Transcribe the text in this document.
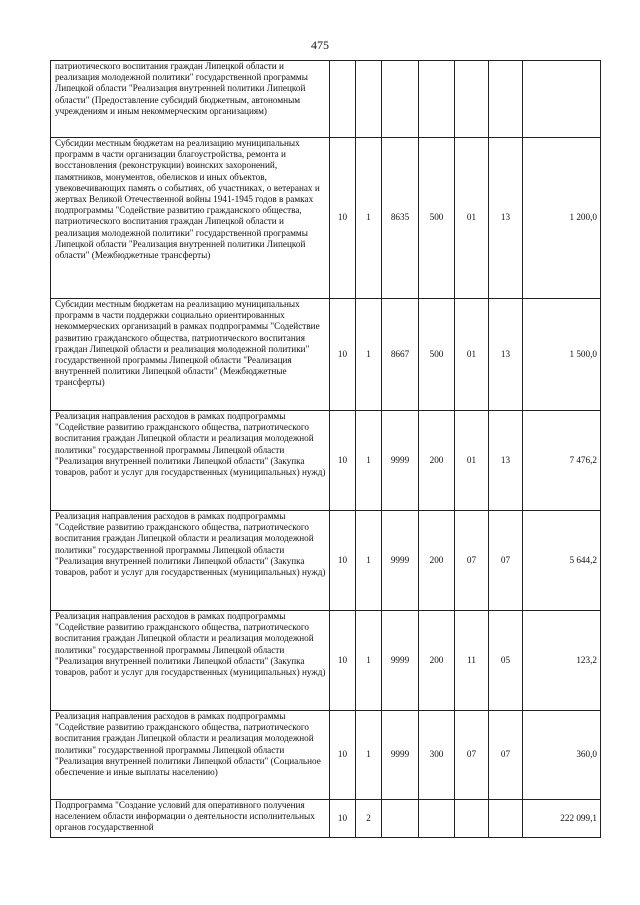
475
патриотического воспитания граждан Липецкой области и реализация молодежной политики" государственной программы Липецкой области "Реализация внутренней политики Липецкой области" (Предоставление субсидий бюджетным, автономным учреждениям и иным некоммерческим организациям)							
Субсидии местным бюджетам на реализацию муниципальных программ в части организации благоустройства, ремонта и восстановления (реконструкции) воинских захоронений, памятников, монументов, обелисков и иных объектов, увековечивающих память о событиях, об участниках, о ветеранах и жертвах Великой Отечественной войны 1941-1945 годов в рамках подпрограммы "Содействие развитию гражданского общества, патриотического воспитания граждан Липецкой области и реализация молодежной политики" государственной программы Липецкой области "Реализация внутренней политики Липецкой области" (Межбюджетные трансферты)	10	1	8635	500	01	13	1 200,0
Субсидии местным бюджетам на реализацию муниципальных программ в части поддержки социально ориентированных некоммерческих организаций в рамках подпрограммы "Содействие развитию гражданского общества, патриотического воспитания граждан Липецкой области и реализация молодежной политики" государственной программы Липецкой области "Реализация внутренней политики Липецкой области" (Межбюджетные трансферты)	10	1	8667	500	01	13	1 500,0
Реализация направления расходов в рамках подпрограммы "Содействие развитию гражданского общества, патриотического воспитания граждан Липецкой области и реализация молодежной политики" государственной программы Липецкой области "Реализация внутренней политики Липецкой области" (Закупка товаров, работ и услуг для государственных (муниципальных) нужд)	10	1	9999	200	01	13	7 476,2
Реализация направления расходов в рамках подпрограммы "Содействие развитию гражданского общества, патриотического воспитания граждан Липецкой области и реализация молодежной политики" государственной программы Липецкой области "Реализация внутренней политики Липецкой области" (Закупка товаров, работ и услуг для государственных (муниципальных) нужд)	10	1	9999	200	07	07	5 644,2
Реализация направления расходов в рамках подпрограммы "Содействие развитию гражданского общества, патриотического воспитания граждан Липецкой области и реализация молодежной политики" государственной программы Липецкой области "Реализация внутренней политики Липецкой области" (Закупка товаров, работ и услуг для государственных (муниципальных) нужд)	10	1	9999	200	11	05	123,2
Реализация направления расходов в рамках подпрограммы "Содействие развитию гражданского общества, патриотического воспитания граждан Липецкой области и реализация молодежной политики" государственной программы Липецкой области "Реализация внутренней политики Липецкой области" (Социальное обеспечение и иные выплаты населению)	10	1	9999	300	07	07	360,0
Подпрограмма "Создание условий для оперативного получения населением области информации о деятельности исполнительных органов государственной	10	2					222 099,1
